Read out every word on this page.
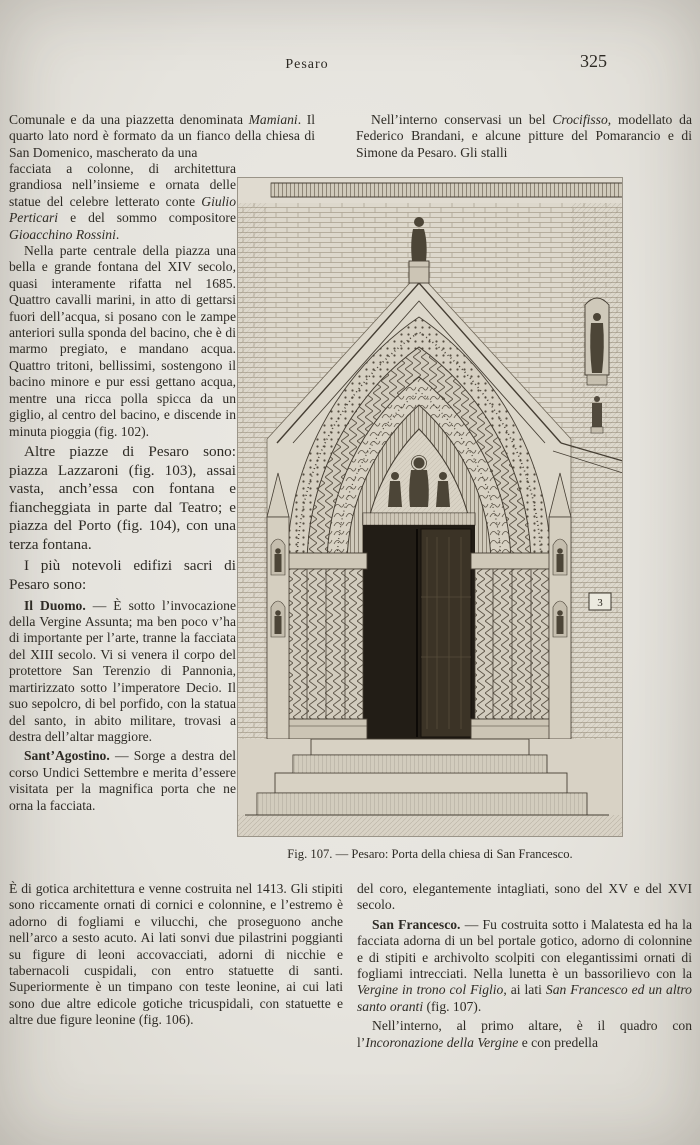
Pesaro	325

Comunale e da una piazzetta denominata Mamiani. Il quarto lato nord è formato da un fianco della chiesa di San Domenico, mascherato da una

facciata a colonne, di architettura grandiosa nell’insieme e ornata delle statue del celebre letterato conte Giulio Perticari e del sommo compositore Gioacchino Rossini.

Nella parte centrale della piazza una bella e grande fontana del XIV secolo, quasi interamente rifatta nel 1685. Quattro cavalli marini, in atto di gettarsi fuori dell’acqua, si posano con le zampe anteriori sulla sponda del bacino, che è di marmo pregiato, e mandano acqua. Quattro tritoni, bellissimi, sostengono il bacino minore e pur essi gettano acqua, mentre una ricca polla spicca da un giglio, al centro del bacino, e discende in minuta pioggia (fig. 102).

Altre piazze di Pesaro sono: piazza Lazzaroni (fig. 103), assai vasta, anch’essa con fontana e fiancheggiata in parte dal Teatro; e piazza del Porto (fig. 104), con una terza fontana.

I più notevoli edifizi sacri di Pesaro sono:

Il Duomo. — È sotto l’invocazione della Vergine Assunta; ma ben poco v’ha di importante per l’arte, tranne la facciata del XIII secolo. Vi si venera il corpo del protettore San Terenzio di Pannonia, martirizzato sotto l’imperatore Decio. Il suo sepolcro, di bel porfido, con la statua del santo, in abito militare, trovasi a destra dell’altar maggiore.

Sant’Agostino. — Sorge a destra del corso Undici Settembre e merita d’essere visitata per la magnifica porta che ne orna la facciata.

Nell’interno conservasi un bel Crocifisso, modellato da Federico Brandani, e alcune pitture del Pomarancio e di Simone da Pesaro. Gli stalli

3
Fig. 107. — Pesaro: Porta della chiesa di San Francesco.

È di gotica architettura e venne costruita nel 1413. Gli stipiti sono riccamente ornati di cornici e colonnine, e l’estremo è adorno di fogliami e vilucchi, che proseguono anche nell’arco a sesto acuto. Ai lati sonvi due pilastrini poggianti su figure di leoni accovacciati, adorni di nicchie e tabernacoli cuspidali, con entro statuette di santi. Superiormente è un timpano con teste leonine, ai cui lati sono due altre edicole gotiche tricuspidali, con statuette e altre due figure leonine (fig. 106).

del coro, elegantemente intagliati, sono del XV e del XVI secolo.

San Francesco. — Fu costruita sotto i Malatesta ed ha la facciata adorna di un bel portale gotico, adorno di colonnine e di stipiti e archivolto scolpiti con elegantissimi ornati di fogliami intrecciati. Nella lunetta è un bassorilievo con la Vergine in trono col Figlio, ai lati San Francesco ed un altro santo oranti (fig. 107).

Nell’interno, al primo altare, è il quadro con l’Incoronazione della Vergine e con predella
